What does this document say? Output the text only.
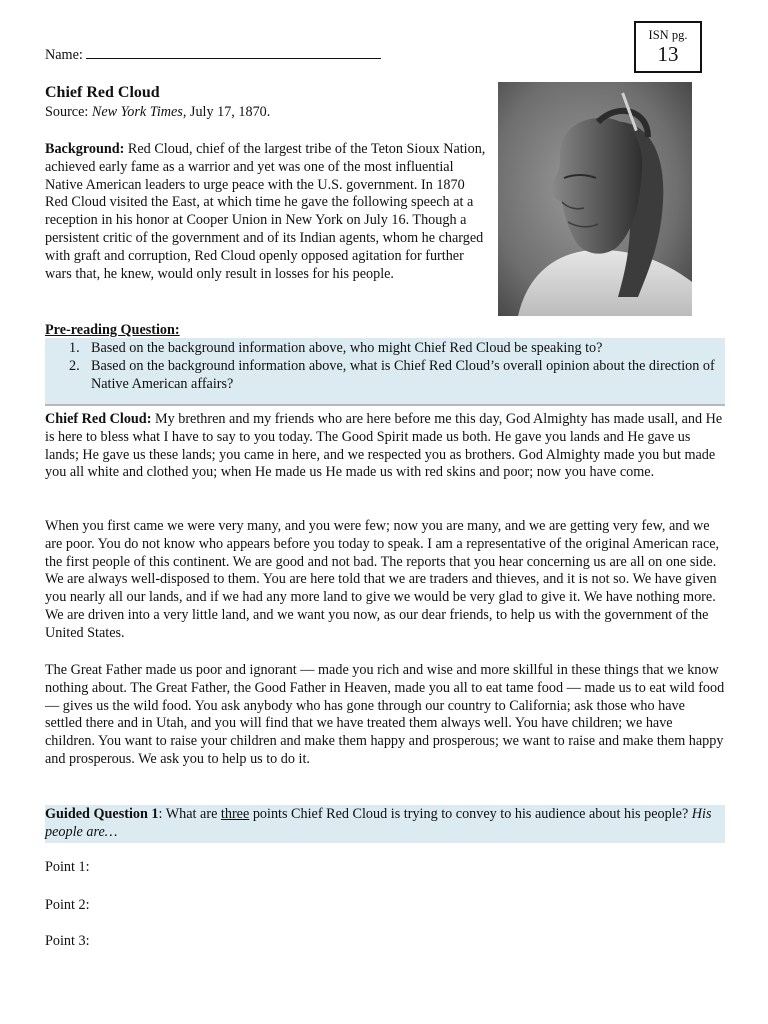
Name:
ISN pg.
13
Chief Red Cloud
Source: New York Times, July 17, 1870.
Background: Red Cloud, chief of the largest tribe of the Teton Sioux Nation, achieved early fame as a warrior and yet was one of the most influential Native American leaders to urge peace with the U.S. government. In 1870 Red Cloud visited the East, at which time he gave the following speech at a reception in his honor at Cooper Union in New York on July 16. Though a persistent critic of the government and of its Indian agents, whom he charged with graft and corruption, Red Cloud openly opposed agitation for further wars that, he knew, would only result in losses for his people.
Pre-reading Question:
1. Based on the background information above, who might Chief Red Cloud be speaking to?
2. Based on the background information above, what is Chief Red Cloud’s overall opinion about the direction of Native American affairs?
Chief Red Cloud: My brethren and my friends who are here before me this day, God Almighty has made usall, and He is here to bless what I have to say to you today. The Good Spirit made us both. He gave you lands and He gave us lands; He gave us these lands; you came in here, and we respected you as brothers. God Almighty made you but made you all white and clothed you; when He made us He made us with red skins and poor; now you have come.
When you first came we were very many, and you were few; now you are many, and we are getting very few, and we are poor. You do not know who appears before you today to speak. I am a representative of the original American race, the first people of this continent. We are good and not bad. The reports that you hear concerning us are all on one side. We are always well-disposed to them. You are here told that we are traders and thieves, and it is not so. We have given you nearly all our lands, and if we had any more land to give we would be very glad to give it. We have nothing more. We are driven into a very little land, and we want you now, as our dear friends, to help us with the government of the United States.
The Great Father made us poor and ignorant — made you rich and wise and more skillful in these things that we know nothing about. The Great Father, the Good Father in Heaven, made you all to eat tame food — made us to eat wild food — gives us the wild food. You ask anybody who has gone through our country to California; ask those who have settled there and in Utah, and you will find that we have treated them always well. You have children; we have children. You want to raise your children and make them happy and prosperous; we want to raise and make them happy and prosperous. We ask you to help us to do it.
Guided Question 1: What are three points Chief Red Cloud is trying to convey to his audience about his people? His people are…
Point 1:
Point 2:
Point 3:
